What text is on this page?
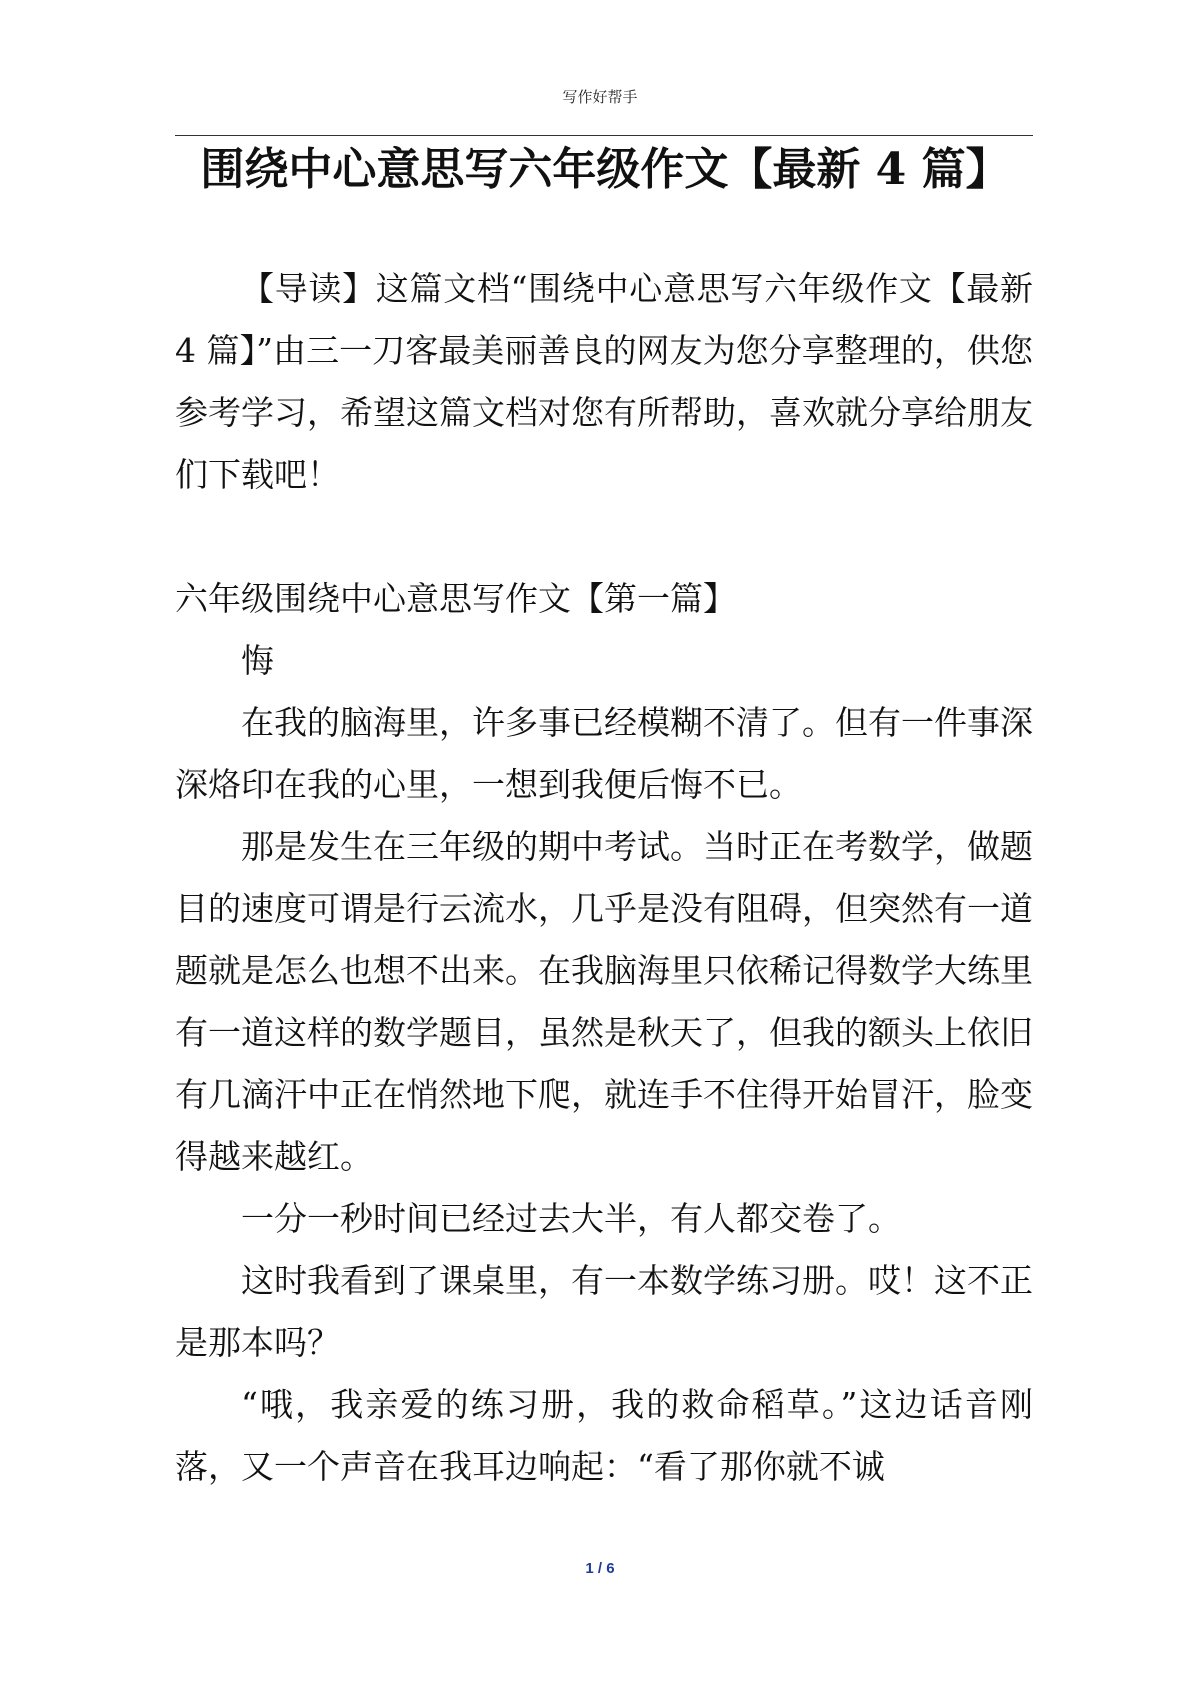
写作好帮手
围绕中心意思写六年级作文【最新 4 篇】

【导读】这篇文档“围绕中心意思写六年级作文【最新 4 篇】”由三一刀客最美丽善良的网友为您分享整理的，供您参考学习，希望这篇文档对您有所帮助，喜欢就分享给朋友们下载吧！

六年级围绕中心意思写作文【第一篇】

悔

在我的脑海里，许多事已经模糊不清了。但有一件事深深烙印在我的心里，一想到我便后悔不已。

那是发生在三年级的期中考试。当时正在考数学，做题目的速度可谓是行云流水，几乎是没有阻碍，但突然有一道题就是怎么也想不出来。在我脑海里只依稀记得数学大练里有一道这样的数学题目，虽然是秋天了，但我的额头上依旧有几滴汗中正在悄然地下爬，就连手不住得开始冒汗，脸变得越来越红。

一分一秒时间已经过去大半，有人都交卷了。

这时我看到了课桌里，有一本数学练习册。哎！这不正是那本吗？

“哦，我亲爱的练习册，我的救命稻草。”这边话音刚落，又一个声音在我耳边响起：“看了那你就不诚

1 / 6
